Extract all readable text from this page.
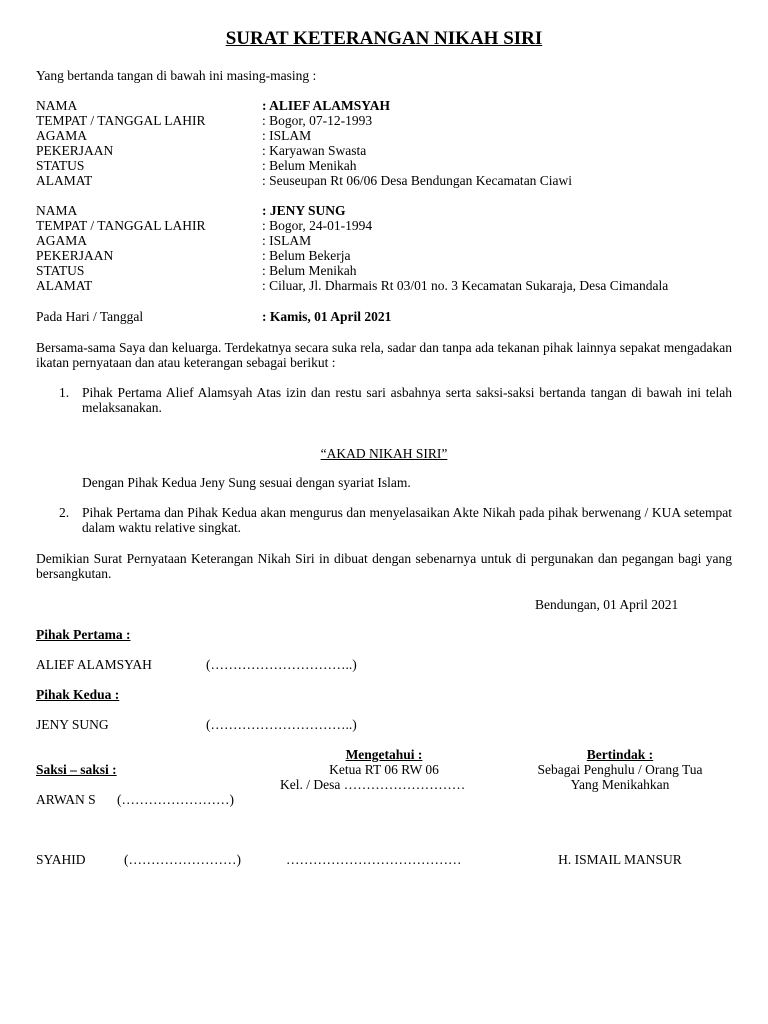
SURAT KETERANGAN NIKAH SIRI
Yang bertanda tangan di bawah ini masing-masing :
NAMA	: ALIEF ALAMSYAH
TEMPAT / TANGGAL LAHIR	: Bogor, 07-12-1993
AGAMA	: ISLAM
PEKERJAAN	: Karyawan Swasta
STATUS	: Belum Menikah
ALAMAT	: Seuseupan Rt 06/06 Desa Bendungan Kecamatan Ciawi
NAMA	: JENY SUNG
TEMPAT / TANGGAL LAHIR	: Bogor, 24-01-1994
AGAMA	: ISLAM
PEKERJAAN	: Belum Bekerja
STATUS	: Belum Menikah
ALAMAT	: Ciluar, Jl. Dharmais Rt 03/01 no. 3 Kecamatan Sukaraja, Desa Cimandala
Pada Hari / Tanggal	: Kamis, 01 April 2021
Bersama-sama Saya dan keluarga. Terdekatnya secara suka rela, sadar dan tanpa ada tekanan pihak lainnya sepakat mengadakan ikatan pernyataan dan atau keterangan sebagai berikut :
1. Pihak Pertama Alief Alamsyah Atas izin dan restu sari asbahnya serta saksi-saksi bertanda tangan di bawah ini telah melaksanakan.
“AKAD NIKAH SIRI”
Dengan Pihak Kedua Jeny Sung sesuai dengan syariat Islam.
2. Pihak Pertama dan Pihak Kedua akan mengurus dan menyelasaikan Akte Nikah pada pihak berwenang / KUA setempat dalam waktu relative singkat.
Demikian Surat Pernyataan Keterangan Nikah Siri in dibuat dengan sebenarnya untuk di pergunakan dan pegangan bagi yang bersangkutan.
Bendungan, 01 April 2021
Pihak Pertama :
ALIEF ALAMSYAH	(…………………………..)
Pihak Kedua :
JENY SUNG	(…………………………..)
Mengetahui :
Ketua RT 06 RW 06
Kel. / Desa ………………………
…………………………………
Bertindak :
Sebagai Penghulu / Orang Tua
Yang Menikahkan
H. ISMAIL MANSUR
Saksi – saksi :
ARWAN S (……………………)
SYAHID	(……………………)
